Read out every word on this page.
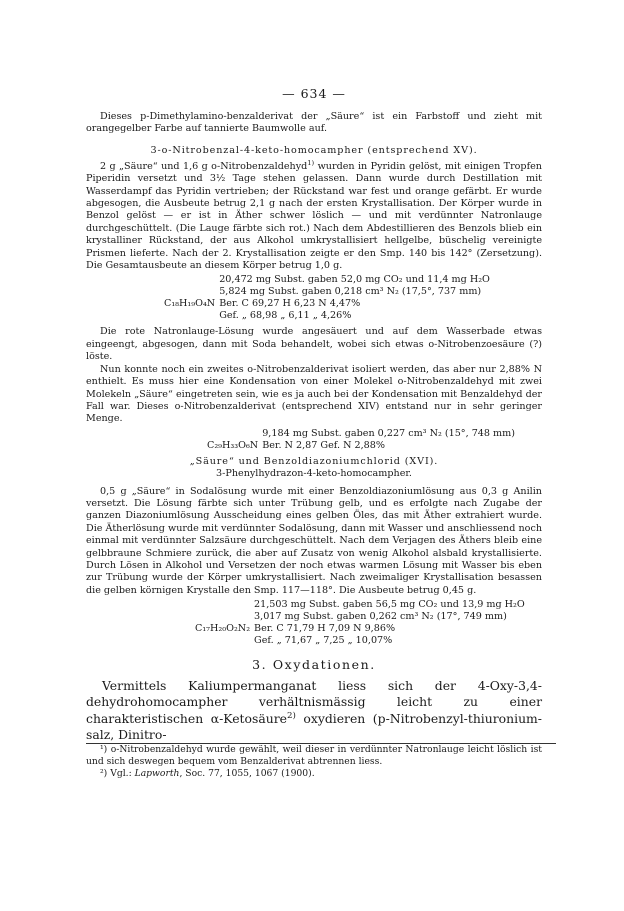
— 634 —

Dieses p-Dimethylamino-benzalderivat der „Säure“ ist ein Farbstoff und zieht mit orangegelber Farbe auf tannierte Baumwolle auf.

3-o-Nitrobenzal-4-keto-homocampher (entsprechend XV).

2 g „Säure“ und 1,6 g o-Nitrobenzaldehyd$^{1)}$ wurden in Pyridin gelöst, mit einigen Tropfen Piperidin versetzt und 3½ Tage stehen gelassen. Dann wurde durch Destillation mit Wasserdampf das Pyridin vertrieben; der Rückstand war fest und orange gefärbt. Er wurde abgesogen, die Ausbeute betrug 2,1 g nach der ersten Krystallisation. Der Körper wurde in Benzol gelöst — er ist in Äther schwer löslich — und mit verdünnter Natronlauge durchgeschüttelt. (Die Lauge färbte sich rot.) Nach dem Abdestillieren des Benzols blieb ein krystalliner Rückstand, der aus Alkohol umkrystallisiert hellgelbe, büschelig vereinigte Prismen lieferte. Nach der 2. Krystallisation zeigte er den Smp. 140 bis 142° (Zersetzung). Die Gesamtausbeute an diesem Körper betrug 1,0 g.

	20,472 mg Subst. gaben 52,0 mg CO₂ und 11,4 mg H₂O
	5,824 mg Subst. gaben 0,218 cm³ N₂ (17,5°, 737 mm)
C₁₈H₁₉O₄N	Ber. C 69,27 H 6,23 N 4,47%
	Gef. „ 68,98 „ 6,11 „ 4,26%

Die rote Natronlauge-Lösung wurde angesäuert und auf dem Wasserbade etwas eingeengt, abgesogen, dann mit Soda behandelt, wobei sich etwas o-Nitrobenzoesäure (?) löste.

Nun konnte noch ein zweites o-Nitrobenzalderivat isoliert werden, das aber nur 2,88% N enthielt. Es muss hier eine Kondensation von einer Molekel o-Nitrobenzaldehyd mit zwei Molekeln „Säure“ eingetreten sein, wie es ja auch bei der Kondensation mit Benzaldehyd der Fall war. Dieses o-Nitrobenzalderivat (entsprechend XIV) entstand nur in sehr geringer Menge.

	9,184 mg Subst. gaben 0,227 cm³ N₂ (15°, 748 mm)
C₂₉H₃₃O₆N	Ber. N 2,87 Gef. N 2,88%
„Säure“ und Benzoldiazoniumchlorid (XVI).
3-Phenylhydrazon-4-keto-homocampher.

0,5 g „Säure“ in Sodalösung wurde mit einer Benzoldiazoniumlösung aus 0,3 g Anilin versetzt. Die Lösung färbte sich unter Trübung gelb, und es erfolgte nach Zugabe der ganzen Diazoniumlösung Ausscheidung eines gelben Öles, das mit Äther extrahiert wurde. Die Ätherlösung wurde mit verdünnter Sodalösung, dann mit Wasser und anschliessend noch einmal mit verdünnter Salzsäure durchgeschüttelt. Nach dem Verjagen des Äthers bleib eine gelbbraune Schmiere zurück, die aber auf Zusatz von wenig Alkohol alsbald krystallisierte. Durch Lösen in Alkohol und Versetzen der noch etwas warmen Lösung mit Wasser bis eben zur Trübung wurde der Körper umkrystallisiert. Nach zweimaliger Krystallisation besassen die gelben körnigen Krystalle den Smp. 117—118°. Die Ausbeute betrug 0,45 g.

	21,503 mg Subst. gaben 56,5 mg CO₂ und 13,9 mg H₂O
	3,017 mg Subst. gaben 0,262 cm³ N₂ (17°, 749 mm)
C₁₇H₂₀O₂N₂	Ber. C 71,79 H 7,09 N 9,86%
	Gef. „ 71,67 „ 7,25 „ 10,07%
3. Oxydationen.

Vermittels Kaliumpermanganat liess sich der 4-Oxy-3,4-dehydrohomocampher verhältnismässig leicht zu einer charakteristischen α-Ketosäure$^{2)}$ oxydieren (p-Nitrobenzyl-thiuronium-salz, Dinitro-

¹) o-Nitrobenzaldehyd wurde gewählt, weil dieser in verdünnter Natronlauge leicht löslich ist und sich deswegen bequem vom Benzalderivat abtrennen liess.

²) Vgl.: Lapworth, Soc. 77, 1055, 1067 (1900).
